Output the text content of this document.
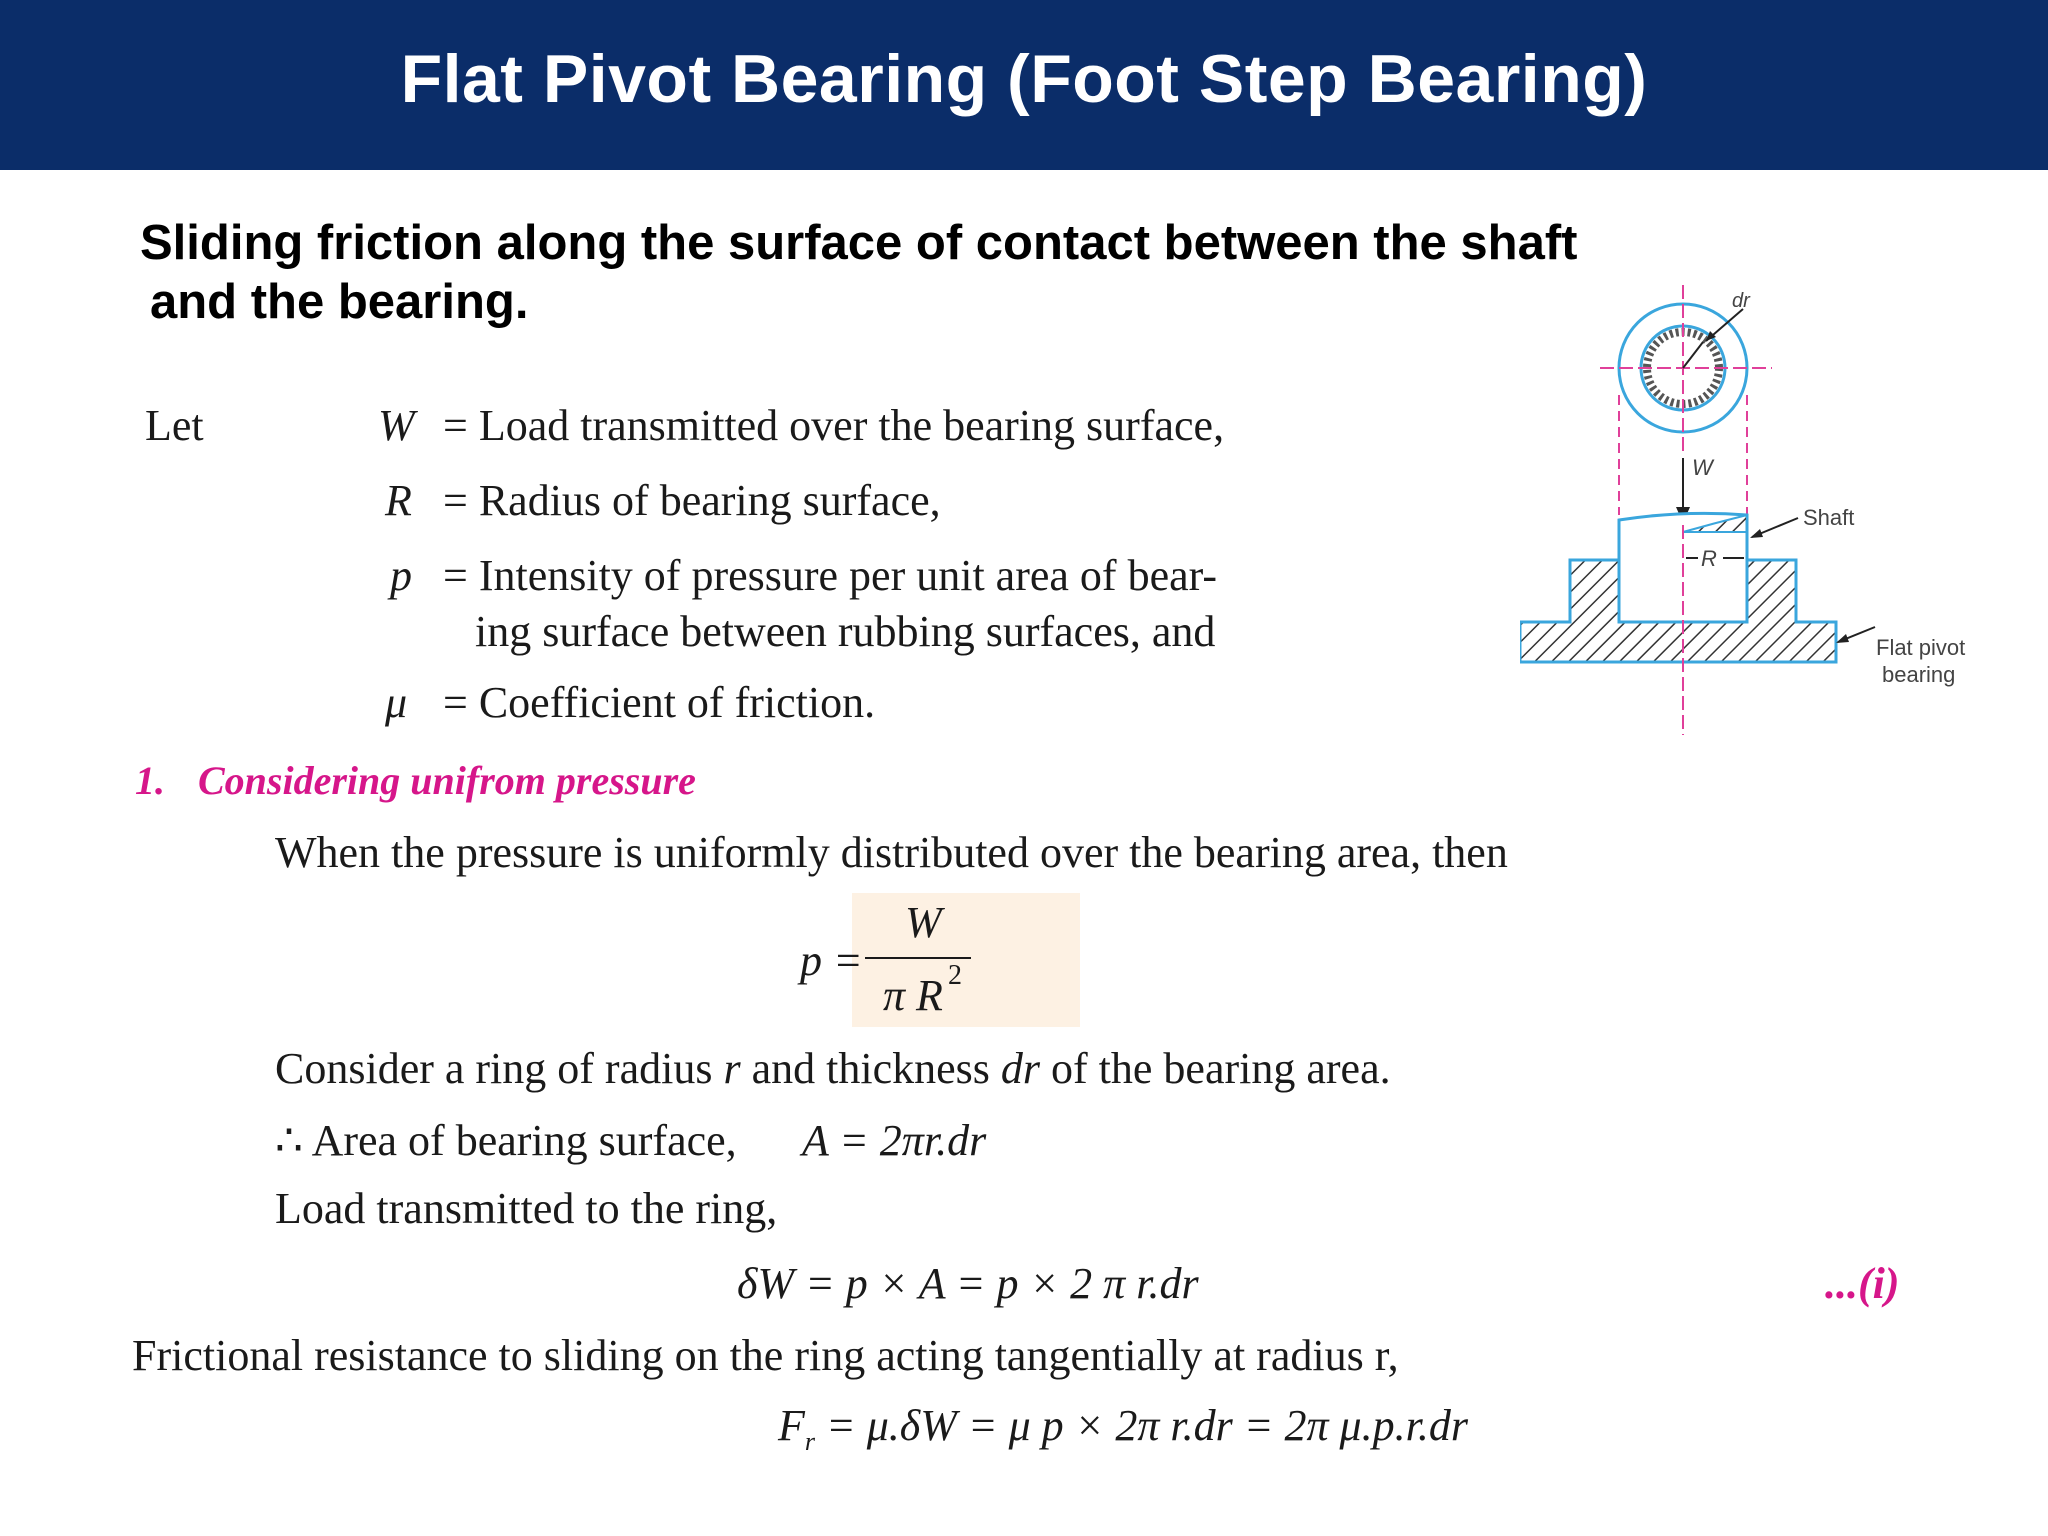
Flat Pivot Bearing (Foot Step Bearing)
Sliding friction along the surface of contact between the shaft
and the bearing.
Let	W = Load transmitted over the bearing surface,
R = Radius of bearing surface,
p = Intensity of pressure per unit area of bear-
ing surface between rubbing surfaces, and
μ = Coefficient of friction.
1. Considering unifrom pressure
When the pressure is uniformly distributed over the bearing area, then
p =
W
π R 2
Consider a ring of radius r and thickness dr of the bearing area.
∴ Area of bearing surface, A = 2πr.dr
Load transmitted to the ring,
δW = p × A = p × 2 π r.dr	...(i)
Frictional resistance to sliding on the ring acting tangentially at radius r,
$F_r = \mu.\delta W = \mu$ p × 2π r.dr = 2π μ.p.r.dr
dr
W
R
Shaft
Flat pivot
bearing
